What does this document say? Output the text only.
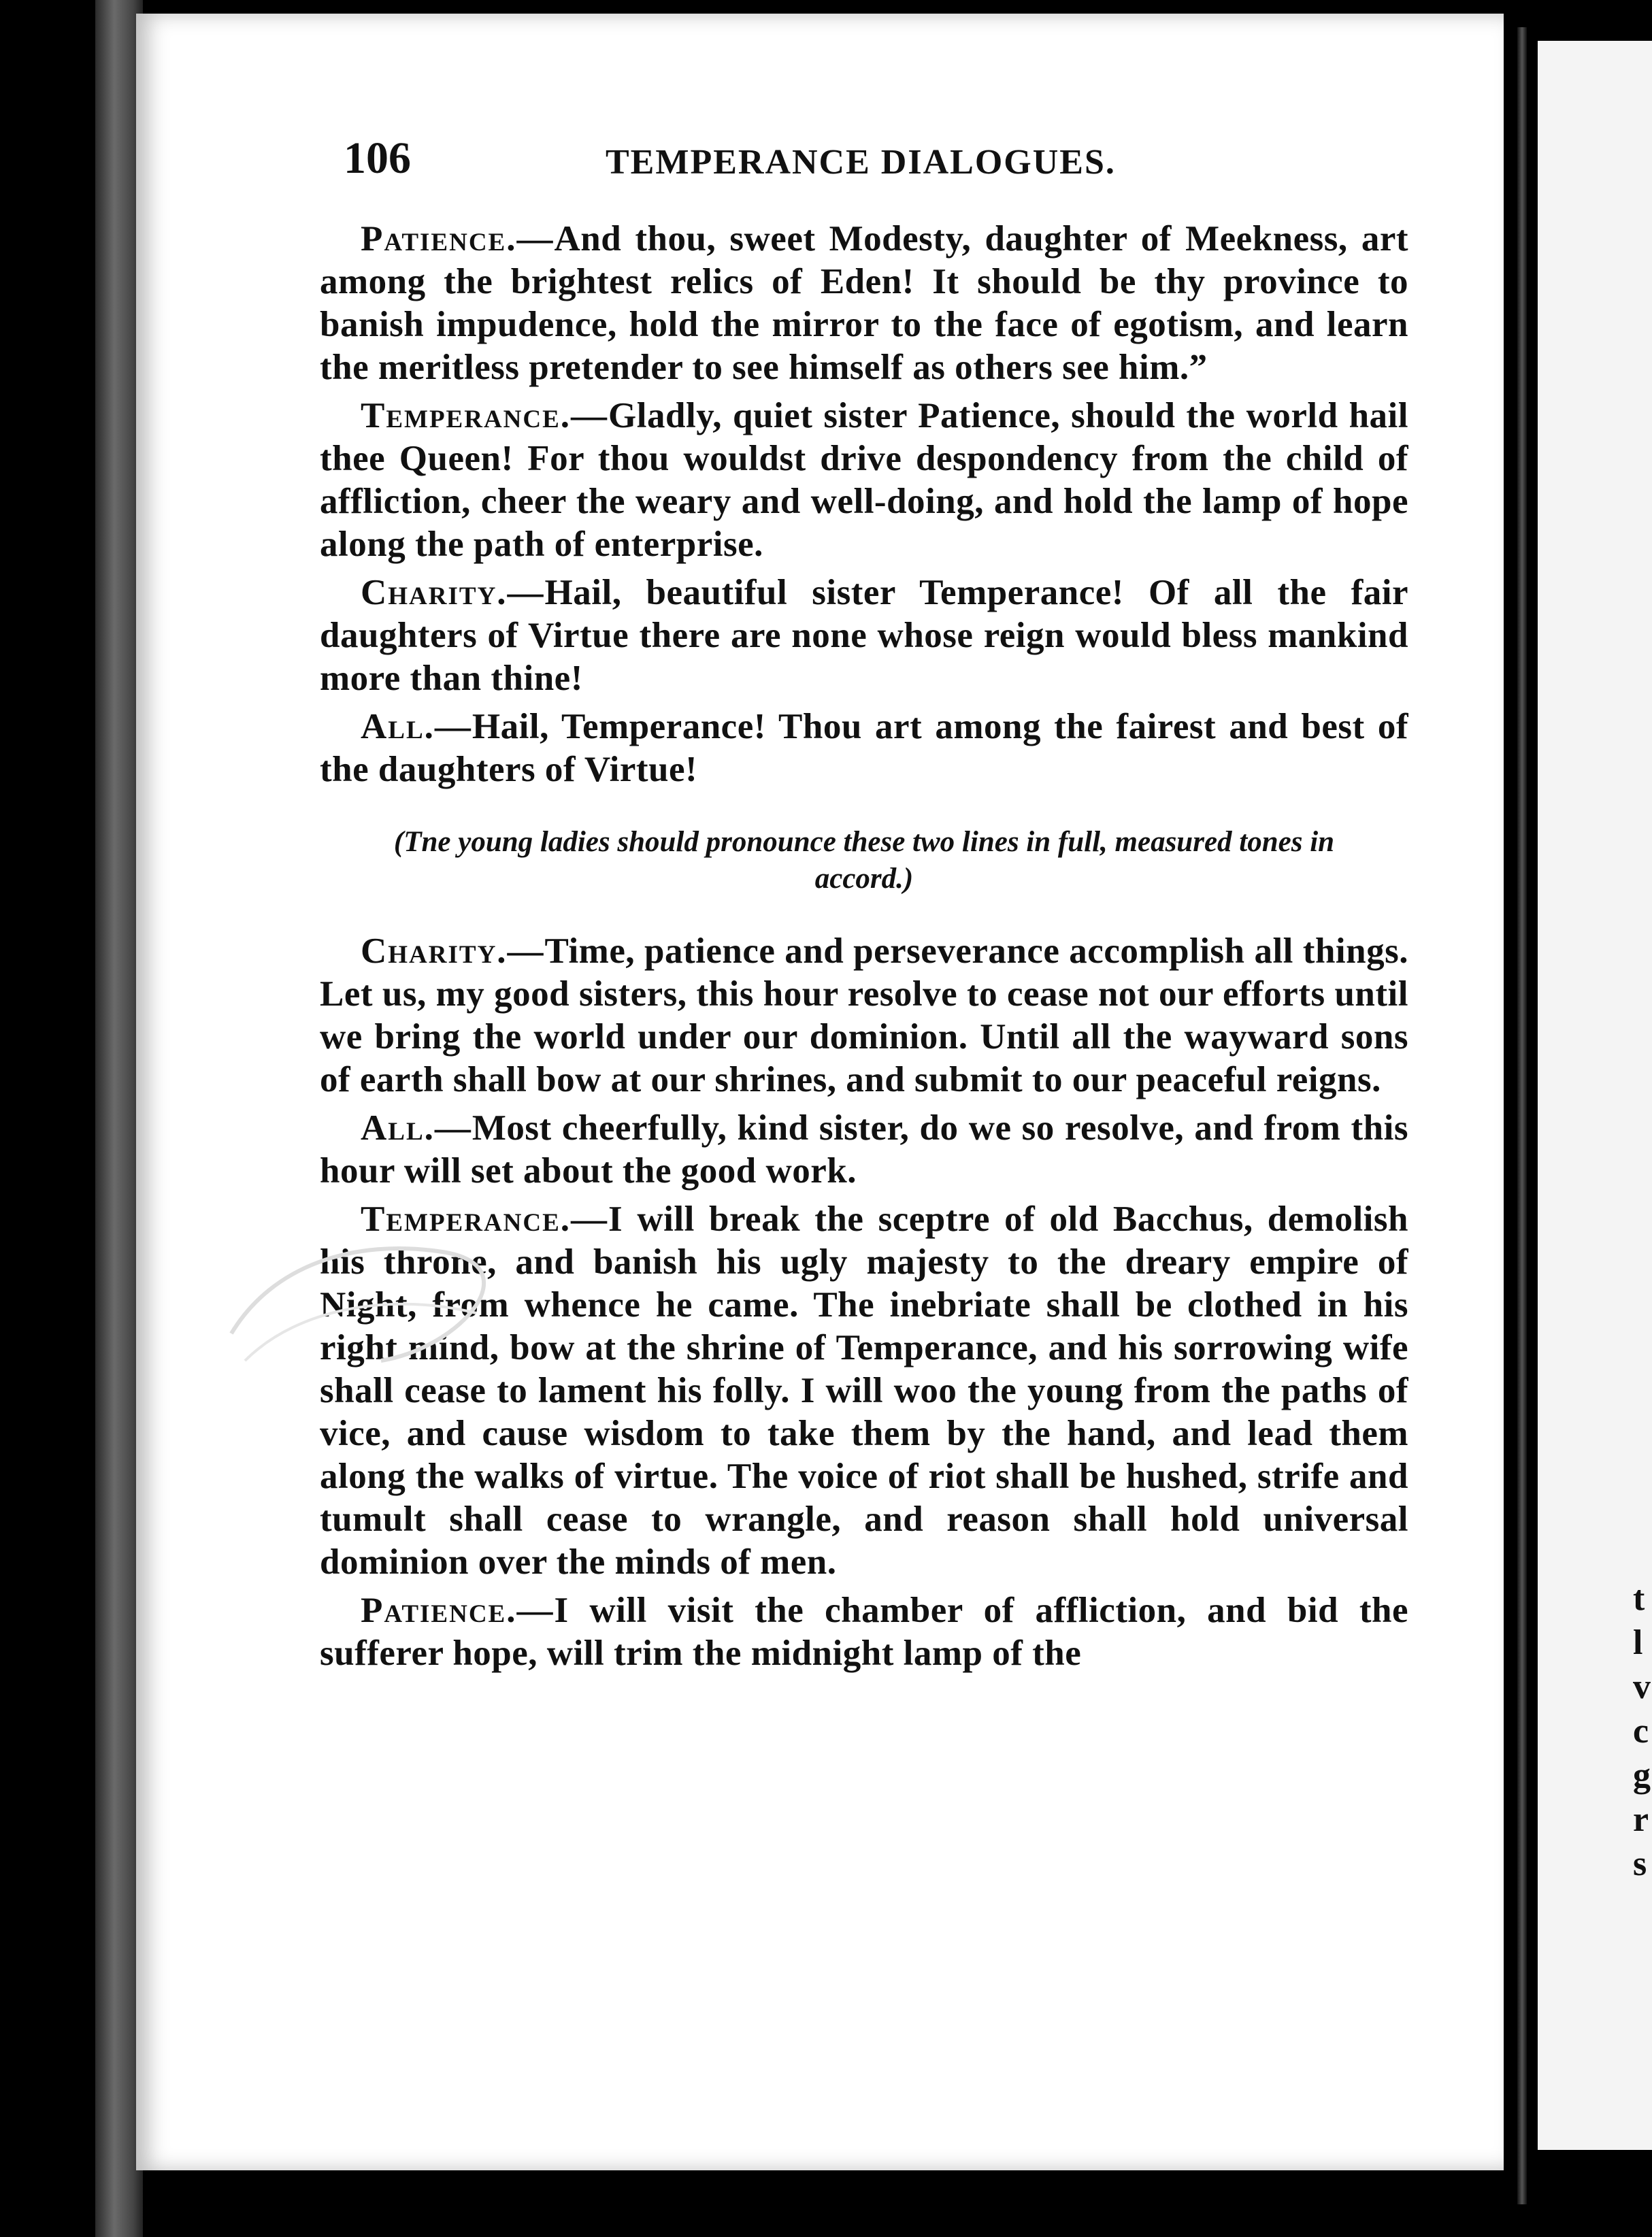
t
l
v
c
g
r
s
106	TEMPERANCE DIALOGUES.

Patience.—And thou, sweet Modesty, daughter of Meekness, art among the brightest relics of Eden! It should be thy province to banish impudence, hold the mirror to the face of egotism, and learn the meritless pretender to see himself as others see him.”

Temperance.—Gladly, quiet sister Patience, should the world hail thee Queen! For thou wouldst drive despondency from the child of affliction, cheer the weary and well-doing, and hold the lamp of hope along the path of enterprise.

Charity.—Hail, beautiful sister Temperance! Of all the fair daughters of Virtue there are none whose reign would bless mankind more than thine!

All.—Hail, Temperance! Thou art among the fairest and best of the daughters of Virtue!

(Tne young ladies should pronounce these two lines in full, measured tones in accord.)

Charity.—Time, patience and perseverance accomplish all things. Let us, my good sisters, this hour resolve to cease not our efforts until we bring the world under our dominion. Until all the wayward sons of earth shall bow at our shrines, and submit to our peaceful reigns.

All.—Most cheerfully, kind sister, do we so resolve, and from this hour will set about the good work.

Temperance.—I will break the sceptre of old Bacchus, demolish his throne, and banish his ugly majesty to the dreary empire of Night, from whence he came. The inebriate shall be clothed in his right mind, bow at the shrine of Temperance, and his sorrowing wife shall cease to lament his folly. I will woo the young from the paths of vice, and cause wisdom to take them by the hand, and lead them along the walks of virtue. The voice of riot shall be hushed, strife and tumult shall cease to wrangle, and reason shall hold universal dominion over the minds of men.

Patience.—I will visit the chamber of affliction, and bid the sufferer hope, will trim the midnight lamp of the
